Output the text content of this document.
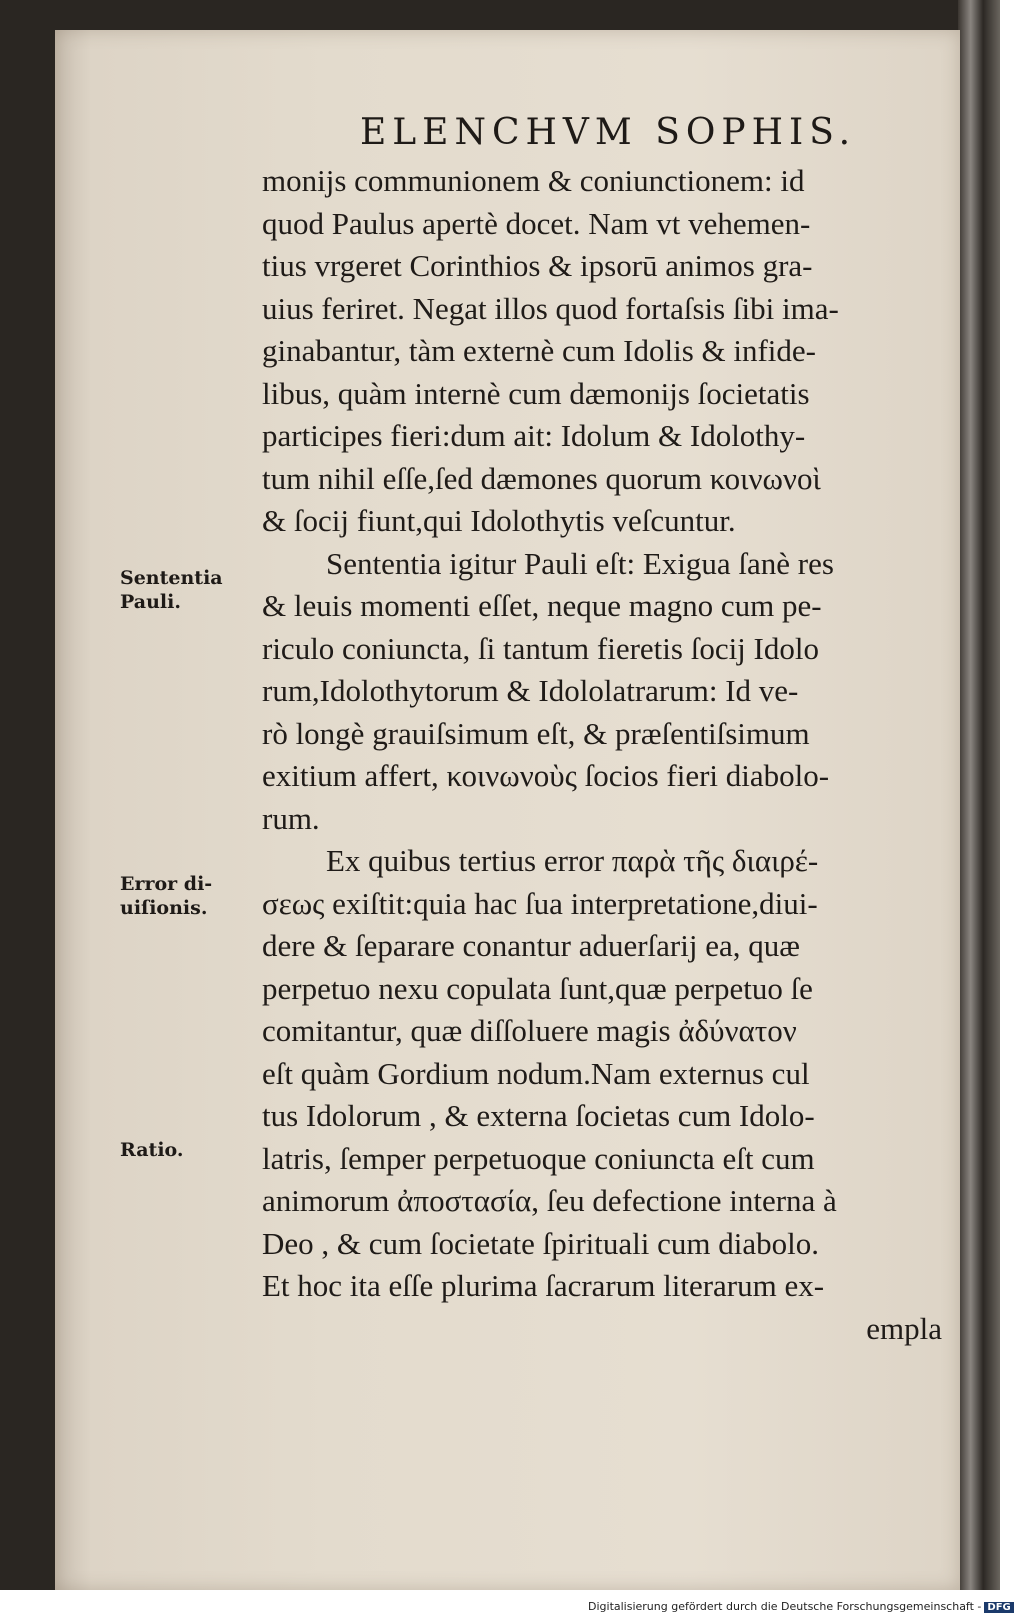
ELENCHVM SOPHIS.
Sententia
Pauli.
Error di-
uiſionis.
Ratio.
monijs communionem & coniunctionem: id
quod Paulus apertè docet. Nam vt vehemen-
tius vrgeret Corinthios & ipsorū animos gra-
uius feriret. Negat illos quod fortaſsis ſibi ima-
ginabantur, tàm externè cum Idolis & infide-
libus, quàm internè cum dæmonijs ſocietatis
participes fieri:dum ait: Idolum & Idolothy-
tum nihil eſſe,ſed dæmones quorum κοινωνοὶ
& ſocij fiunt,qui Idolothytis veſcuntur.
Sententia igitur Pauli eſt: Exigua ſanè res
& leuis momenti eſſet, neque magno cum pe-
riculo coniuncta, ſi tantum fieretis ſocij Idolo
rum,Idolothytorum & Idololatrarum: Id ve-
rò longè grauiſsimum eſt, & præſentiſsimum
exitium affert, κοινωνοὺς ſocios fieri diabolo-
rum.
Ex quibus tertius error παρὰ τῆς διαιρέ-
σεως exiſtit:quia hac ſua interpretatione,diui-
dere & ſeparare conantur aduerſarij ea, quæ
perpetuo nexu copulata ſunt,quæ perpetuo ſe
comitantur, quæ diſſoluere magis ἀδύνατον
eſt quàm Gordium nodum.Nam externus cul
tus Idolorum , & externa ſocietas cum Idolo-
latris, ſemper perpetuoque coniuncta eſt cum
animorum ἀποστασία, ſeu defectione interna à
Deo , & cum ſocietate ſpirituali cum diabolo.
Et hoc ita eſſe plurima ſacrarum literarum ex-
empla
Digitalisierung gefördert durch die Deutsche Forschungsgemeinschaft - DFG
